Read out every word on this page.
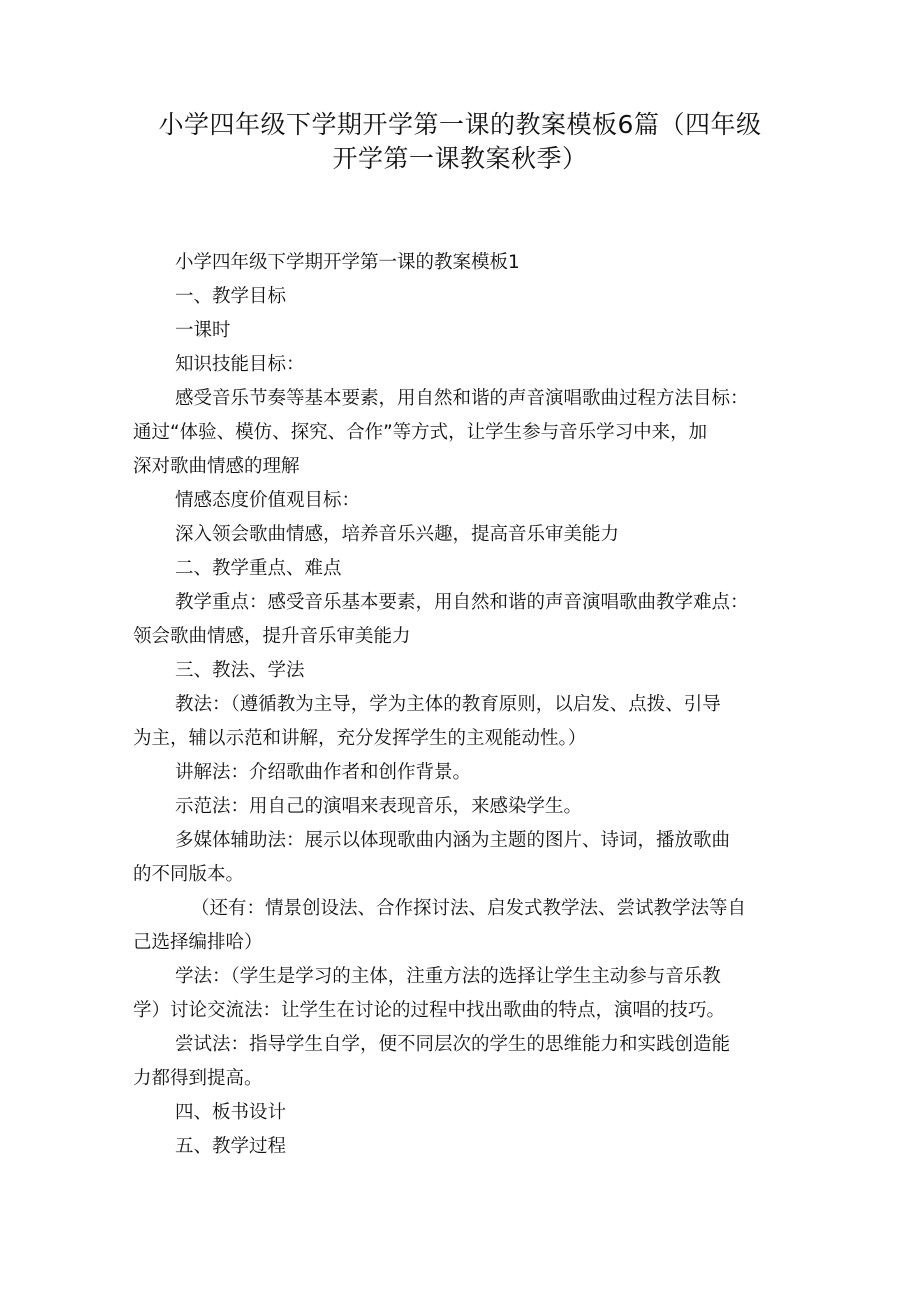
小学四年级下学期开学第一课的教案模板6篇（四年级
开学第一课教案秋季）
小学四年级下学期开学第一课的教案模板1
一、教学目标
一课时
知识技能目标：
感受音乐节奏等基本要素，用自然和谐的声音演唱歌曲过程方法目标：
通过“体验、模仿、探究、合作”等方式，让学生参与音乐学习中来，加
深对歌曲情感的理解
情感态度价值观目标：
深入领会歌曲情感，培养音乐兴趣，提高音乐审美能力
二、教学重点、难点
教学重点：感受音乐基本要素，用自然和谐的声音演唱歌曲教学难点：
领会歌曲情感，提升音乐审美能力
三、教法、学法
教法：（遵循教为主导，学为主体的教育原则，以启发、点拨、引导
为主，辅以示范和讲解，充分发挥学生的主观能动性。）
讲解法：介绍歌曲作者和创作背景。
示范法：用自己的演唱来表现音乐，来感染学生。
多媒体辅助法：展示以体现歌曲内涵为主题的图片、诗词，播放歌曲
的不同版本。
（还有：情景创设法、合作探讨法、启发式教学法、尝试教学法等自
己选择编排哈）
学法：（学生是学习的主体，注重方法的选择让学生主动参与音乐教
学）讨论交流法：让学生在讨论的过程中找出歌曲的特点，演唱的技巧。
尝试法：指导学生自学，便不同层次的学生的思维能力和实践创造能
力都得到提高。
四、板书设计
五、教学过程
